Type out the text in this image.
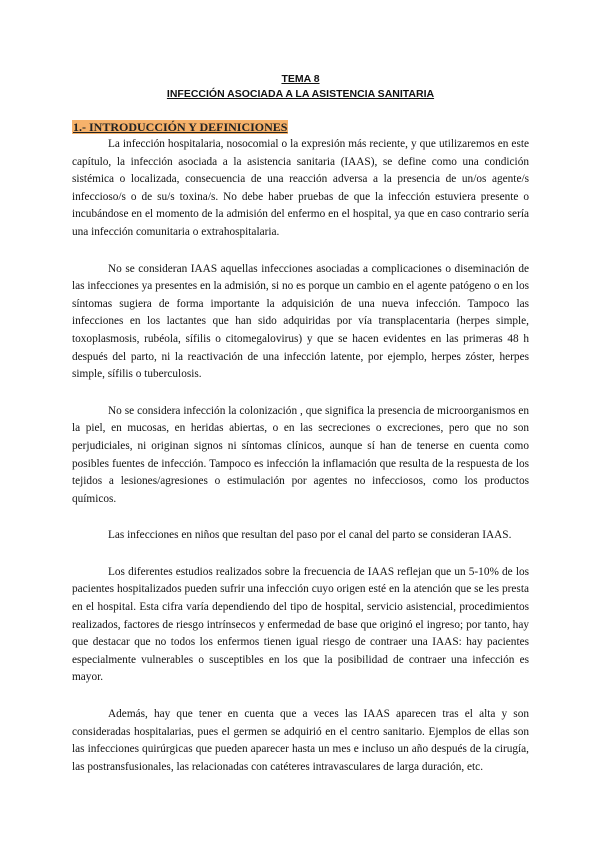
TEMA 8
INFECCIÓN ASOCIADA A LA ASISTENCIA SANITARIA
1.- INTRODUCCIÓN Y DEFINICIONES

La infección hospitalaria, nosocomial o la expresión más reciente, y que utilizaremos en este capítulo, la infección asociada a la asistencia sanitaria (IAAS), se define como una condición sistémica o localizada, consecuencia de una reacción adversa a la presencia de un/os agente/s infeccioso/s o de su/s toxina/s. No debe haber pruebas de que la infección estuviera presente o incubándose en el momento de la admisión del enfermo en el hospital, ya que en caso contrario sería una infección comunitaria o extrahospitalaria.

No se consideran IAAS aquellas infecciones asociadas a complicaciones o diseminación de las infecciones ya presentes en la admisión, si no es porque un cambio en el agente patógeno o en los síntomas sugiera de forma importante la adquisición de una nueva infección. Tampoco las infecciones en los lactantes que han sido adquiridas por vía transplacentaria (herpes simple, toxoplasmosis, rubéola, sífilis o citomegalovirus) y que se hacen evidentes en las primeras 48 h después del parto, ni la reactivación de una infección latente, por ejemplo, herpes zóster, herpes simple, sífilis o tuberculosis.

No se considera infección la colonización , que significa la presencia de microorganismos en la piel, en mucosas, en heridas abiertas, o en las secreciones o excreciones, pero que no son perjudiciales, ni originan signos ni síntomas clínicos, aunque sí han de tenerse en cuenta como posibles fuentes de infección. Tampoco es infección la inflamación que resulta de la respuesta de los tejidos a lesiones/agresiones o estimulación por agentes no infecciosos, como los productos químicos.

Las infecciones en niños que resultan del paso por el canal del parto se consideran IAAS.

Los diferentes estudios realizados sobre la frecuencia de IAAS reflejan que un 5-10% de los pacientes hospitalizados pueden sufrir una infección cuyo origen esté en la atención que se les presta en el hospital. Esta cifra varía dependiendo del tipo de hospital, servicio asistencial, procedimientos realizados, factores de riesgo intrínsecos y enfermedad de base que originó el ingreso; por tanto, hay que destacar que no todos los enfermos tienen igual riesgo de contraer una IAAS: hay pacientes especialmente vulnerables o susceptibles en los que la posibilidad de contraer una infección es mayor.

Además, hay que tener en cuenta que a veces las IAAS aparecen tras el alta y son consideradas hospitalarias, pues el germen se adquirió en el centro sanitario. Ejemplos de ellas son las infecciones quirúrgicas que pueden aparecer hasta un mes e incluso un año después de la cirugía, las postransfusionales, las relacionadas con catéteres intravasculares de larga duración, etc.
